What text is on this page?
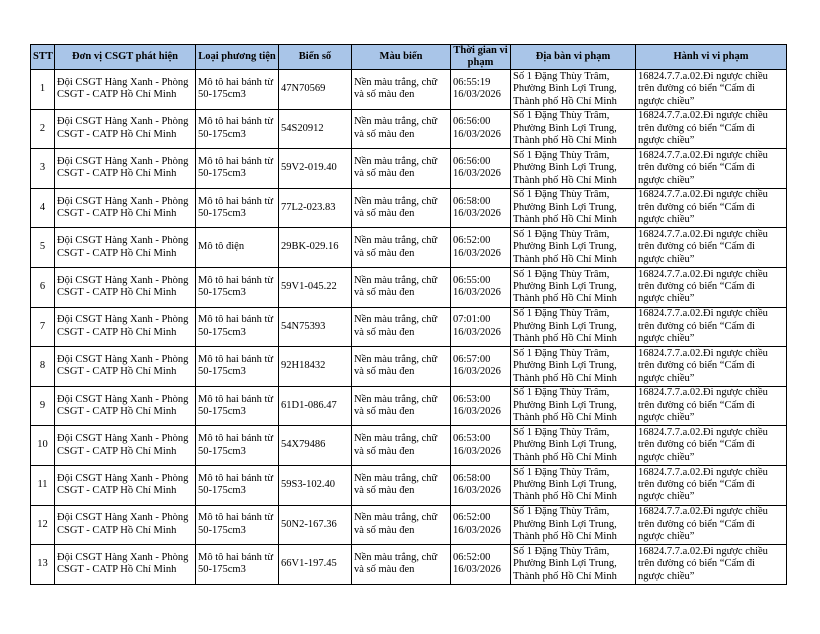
STT	Đơn vị CSGT phát hiện	Loại phương tiện	Biển số	Màu biển	Thời gian vi phạm	Địa bàn vi phạm	Hành vi vi phạm
1	Đội CSGT Hàng Xanh - Phòng CSGT - CATP Hồ Chí Minh	Mô tô hai bánh từ 50-175cm3	47N70569	Nền màu trắng, chữ và số màu đen	06:55:19 16/03/2026	Số 1 Đặng Thùy Trâm, Phường Bình Lợi Trung, Thành phố Hồ Chí Minh	16824.7.7.a.02.Đi ngược chiều trên đường có biển “Cấm đi ngược chiều”
2	Đội CSGT Hàng Xanh - Phòng CSGT - CATP Hồ Chí Minh	Mô tô hai bánh từ 50-175cm3	54S20912	Nền màu trắng, chữ và số màu đen	06:56:00 16/03/2026	Số 1 Đặng Thùy Trâm, Phường Bình Lợi Trung, Thành phố Hồ Chí Minh	16824.7.7.a.02.Đi ngược chiều trên đường có biển “Cấm đi ngược chiều”
3	Đội CSGT Hàng Xanh - Phòng CSGT - CATP Hồ Chí Minh	Mô tô hai bánh từ 50-175cm3	59V2-019.40	Nền màu trắng, chữ và số màu đen	06:56:00 16/03/2026	Số 1 Đặng Thùy Trâm, Phường Bình Lợi Trung, Thành phố Hồ Chí Minh	16824.7.7.a.02.Đi ngược chiều trên đường có biển “Cấm đi ngược chiều”
4	Đội CSGT Hàng Xanh - Phòng CSGT - CATP Hồ Chí Minh	Mô tô hai bánh từ 50-175cm3	77L2-023.83	Nền màu trắng, chữ và số màu đen	06:58:00 16/03/2026	Số 1 Đặng Thùy Trâm, Phường Bình Lợi Trung, Thành phố Hồ Chí Minh	16824.7.7.a.02.Đi ngược chiều trên đường có biển “Cấm đi ngược chiều”
5	Đội CSGT Hàng Xanh - Phòng CSGT - CATP Hồ Chí Minh	Mô tô điện	29BK-029.16	Nền màu trắng, chữ và số màu đen	06:52:00 16/03/2026	Số 1 Đặng Thùy Trâm, Phường Bình Lợi Trung, Thành phố Hồ Chí Minh	16824.7.7.a.02.Đi ngược chiều trên đường có biển “Cấm đi ngược chiều”
6	Đội CSGT Hàng Xanh - Phòng CSGT - CATP Hồ Chí Minh	Mô tô hai bánh từ 50-175cm3	59V1-045.22	Nền màu trắng, chữ và số màu đen	06:55:00 16/03/2026	Số 1 Đặng Thùy Trâm, Phường Bình Lợi Trung, Thành phố Hồ Chí Minh	16824.7.7.a.02.Đi ngược chiều trên đường có biển “Cấm đi ngược chiều”
7	Đội CSGT Hàng Xanh - Phòng CSGT - CATP Hồ Chí Minh	Mô tô hai bánh từ 50-175cm3	54N75393	Nền màu trắng, chữ và số màu đen	07:01:00 16/03/2026	Số 1 Đặng Thùy Trâm, Phường Bình Lợi Trung, Thành phố Hồ Chí Minh	16824.7.7.a.02.Đi ngược chiều trên đường có biển “Cấm đi ngược chiều”
8	Đội CSGT Hàng Xanh - Phòng CSGT - CATP Hồ Chí Minh	Mô tô hai bánh từ 50-175cm3	92H18432	Nền màu trắng, chữ và số màu đen	06:57:00 16/03/2026	Số 1 Đặng Thùy Trâm, Phường Bình Lợi Trung, Thành phố Hồ Chí Minh	16824.7.7.a.02.Đi ngược chiều trên đường có biển “Cấm đi ngược chiều”
9	Đội CSGT Hàng Xanh - Phòng CSGT - CATP Hồ Chí Minh	Mô tô hai bánh từ 50-175cm3	61D1-086.47	Nền màu trắng, chữ và số màu đen	06:53:00 16/03/2026	Số 1 Đặng Thùy Trâm, Phường Bình Lợi Trung, Thành phố Hồ Chí Minh	16824.7.7.a.02.Đi ngược chiều trên đường có biển “Cấm đi ngược chiều”
10	Đội CSGT Hàng Xanh - Phòng CSGT - CATP Hồ Chí Minh	Mô tô hai bánh từ 50-175cm3	54X79486	Nền màu trắng, chữ và số màu đen	06:53:00 16/03/2026	Số 1 Đặng Thùy Trâm, Phường Bình Lợi Trung, Thành phố Hồ Chí Minh	16824.7.7.a.02.Đi ngược chiều trên đường có biển “Cấm đi ngược chiều”
11	Đội CSGT Hàng Xanh - Phòng CSGT - CATP Hồ Chí Minh	Mô tô hai bánh từ 50-175cm3	59S3-102.40	Nền màu trắng, chữ và số màu đen	06:58:00 16/03/2026	Số 1 Đặng Thùy Trâm, Phường Bình Lợi Trung, Thành phố Hồ Chí Minh	16824.7.7.a.02.Đi ngược chiều trên đường có biển “Cấm đi ngược chiều”
12	Đội CSGT Hàng Xanh - Phòng CSGT - CATP Hồ Chí Minh	Mô tô hai bánh từ 50-175cm3	50N2-167.36	Nền màu trắng, chữ và số màu đen	06:52:00 16/03/2026	Số 1 Đặng Thùy Trâm, Phường Bình Lợi Trung, Thành phố Hồ Chí Minh	16824.7.7.a.02.Đi ngược chiều trên đường có biển “Cấm đi ngược chiều”
13	Đội CSGT Hàng Xanh - Phòng CSGT - CATP Hồ Chí Minh	Mô tô hai bánh từ 50-175cm3	66V1-197.45	Nền màu trắng, chữ và số màu đen	06:52:00 16/03/2026	Số 1 Đặng Thùy Trâm, Phường Bình Lợi Trung, Thành phố Hồ Chí Minh	16824.7.7.a.02.Đi ngược chiều trên đường có biển “Cấm đi ngược chiều”
